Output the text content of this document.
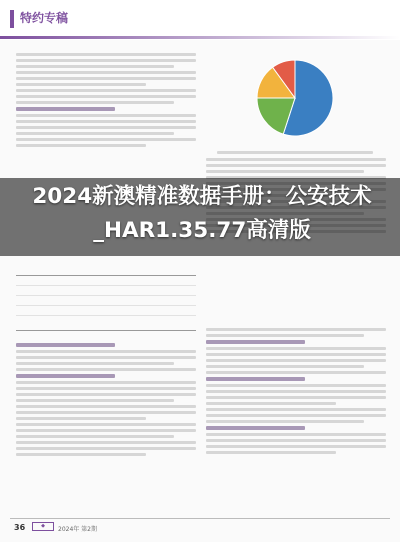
特约专稿
2024新澳精准数据手册：公安技术_HAR1.35.77高清版
36	◆	2024年 第2期
